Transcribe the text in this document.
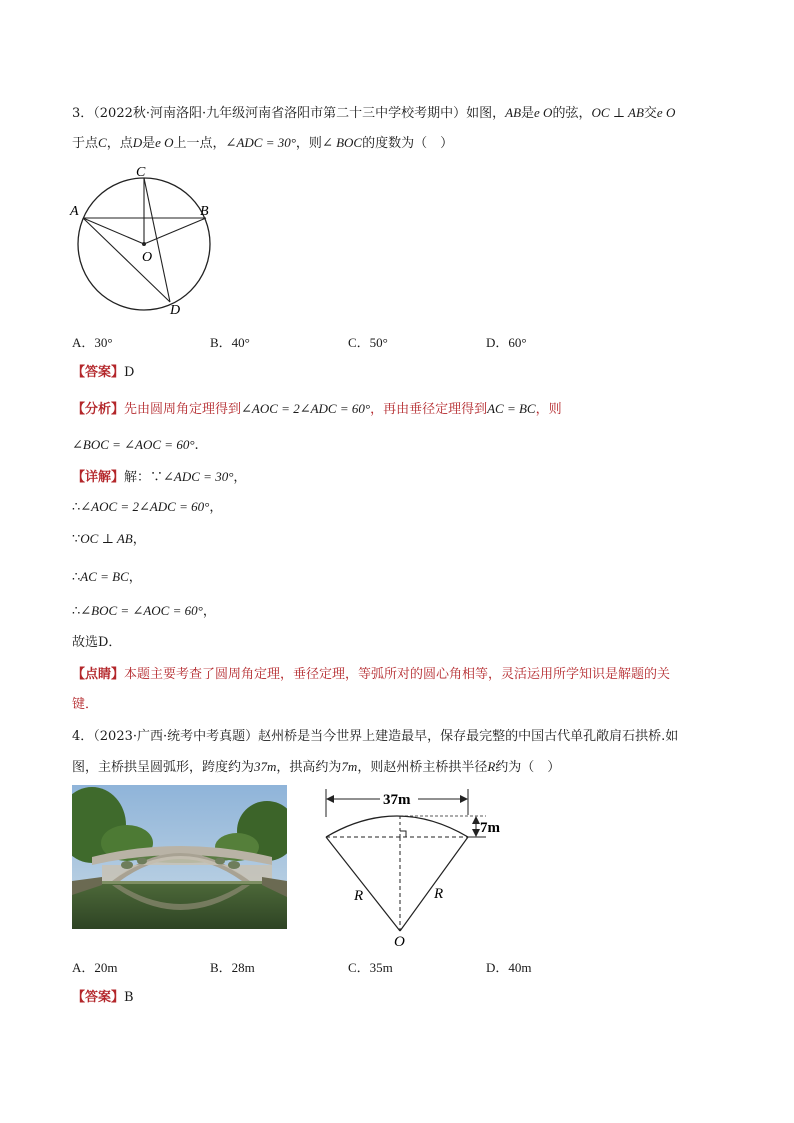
3．（2022秋·河南洛阳·九年级河南省洛阳市第二十三中学校考期中）如图，AB是e O的弦，OC ⊥ AB交e O
于点C，点D是e O上一点，∠ADC = 30°，则∠ BOC的度数为（　）
C
A	B
O
D
A．30°	B．40°	C．50°	D．60°
【答案】D
【分析】先由圆周角定理得到∠AOC = 2∠ADC = 60°，再由垂径定理得到AC = BC，则
∠BOC = ∠AOC = 60°.
【详解】解：∵∠ADC = 30°，
∴∠AOC = 2∠ADC = 60°，
∵OC ⊥ AB，
∴AC = BC，
∴∠BOC = ∠AOC = 60°，
故选D．
【点睛】本题主要考查了圆周角定理，垂径定理，等弧所对的圆心角相等，灵活运用所学知识是解题的关
键．
4．（2023·广西·统考中考真题）赵州桥是当今世界上建造最早，保存最完整的中国古代单孔敞肩石拱桥.如
图，主桥拱呈圆弧形，跨度约为37m，拱高约为7m，则赵州桥主桥拱半径R约为（　）
37m
7m
R	R
O
A．20m	B．28m	C．35m	D．40m
【答案】B
